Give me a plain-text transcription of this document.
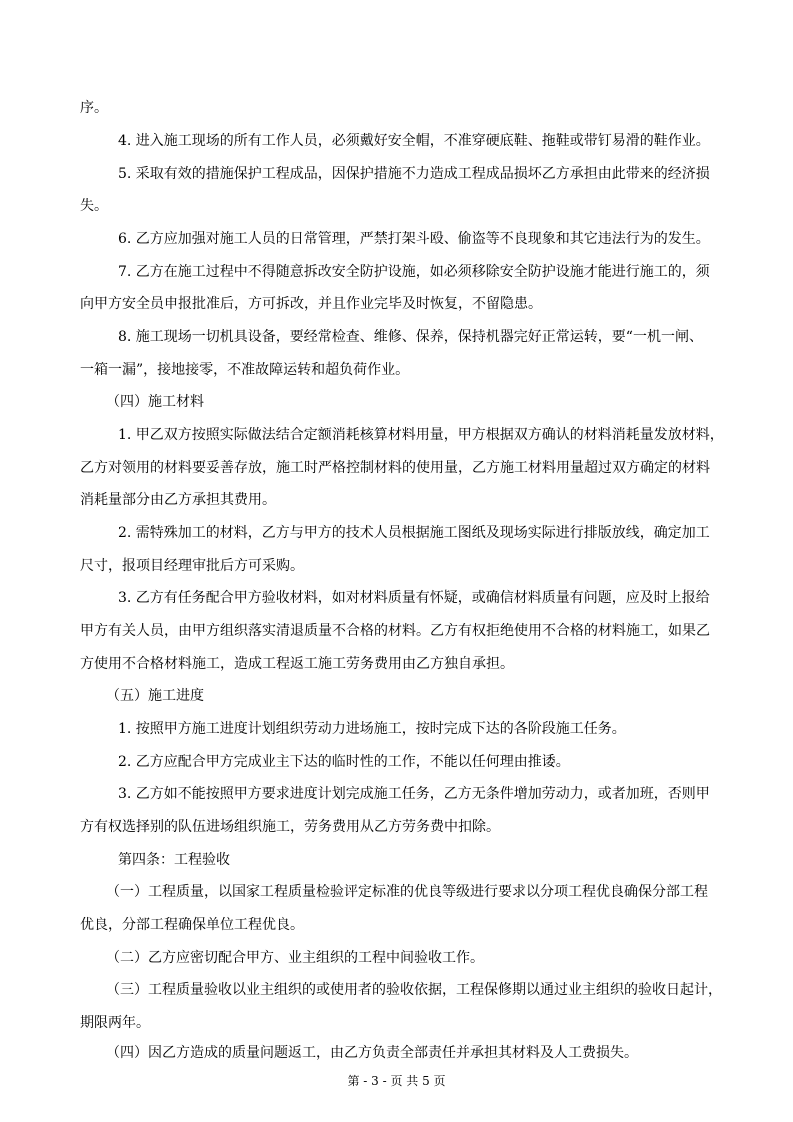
序。
4. 进入施工现场的所有工作人员，必须戴好安全帽，不准穿硬底鞋、拖鞋或带钉易滑的鞋作业。
5. 采取有效的措施保护工程成品，因保护措施不力造成工程成品损坏乙方承担由此带来的经济损
失。
6. 乙方应加强对施工人员的日常管理，严禁打架斗殴、偷盗等不良现象和其它违法行为的发生。
7. 乙方在施工过程中不得随意拆改安全防护设施，如必须移除安全防护设施才能进行施工的，须
向甲方安全员申报批准后，方可拆改，并且作业完毕及时恢复，不留隐患。
8. 施工现场一切机具设备，要经常检查、维修、保养，保持机器完好正常运转，要“一机一闸、
一箱一漏”，接地接零，不准故障运转和超负荷作业。
（四）施工材料
1. 甲乙双方按照实际做法结合定额消耗核算材料用量，甲方根据双方确认的材料消耗量发放材料，
乙方对领用的材料要妥善存放，施工时严格控制材料的使用量，乙方施工材料用量超过双方确定的材料
消耗量部分由乙方承担其费用。
2. 需特殊加工的材料，乙方与甲方的技术人员根据施工图纸及现场实际进行排版放线，确定加工
尺寸，报项目经理审批后方可采购。
3. 乙方有任务配合甲方验收材料，如对材料质量有怀疑，或确信材料质量有问题，应及时上报给
甲方有关人员，由甲方组织落实清退质量不合格的材料。乙方有权拒绝使用不合格的材料施工，如果乙
方使用不合格材料施工，造成工程返工施工劳务费用由乙方独自承担。
（五）施工进度
1. 按照甲方施工进度计划组织劳动力进场施工，按时完成下达的各阶段施工任务。
2. 乙方应配合甲方完成业主下达的临时性的工作，不能以任何理由推诿。
3. 乙方如不能按照甲方要求进度计划完成施工任务，乙方无条件增加劳动力，或者加班，否则甲
方有权选择别的队伍进场组织施工，劳务费用从乙方劳务费中扣除。
第四条：工程验收
（一）工程质量，以国家工程质量检验评定标准的优良等级进行要求以分项工程优良确保分部工程
优良，分部工程确保单位工程优良。
（二）乙方应密切配合甲方、业主组织的工程中间验收工作。
（三）工程质量验收以业主组织的或使用者的验收依据，工程保修期以通过业主组织的验收日起计，
期限两年。
（四）因乙方造成的质量问题返工，由乙方负责全部责任并承担其材料及人工费损失。
第 - 3 - 页 共 5 页
